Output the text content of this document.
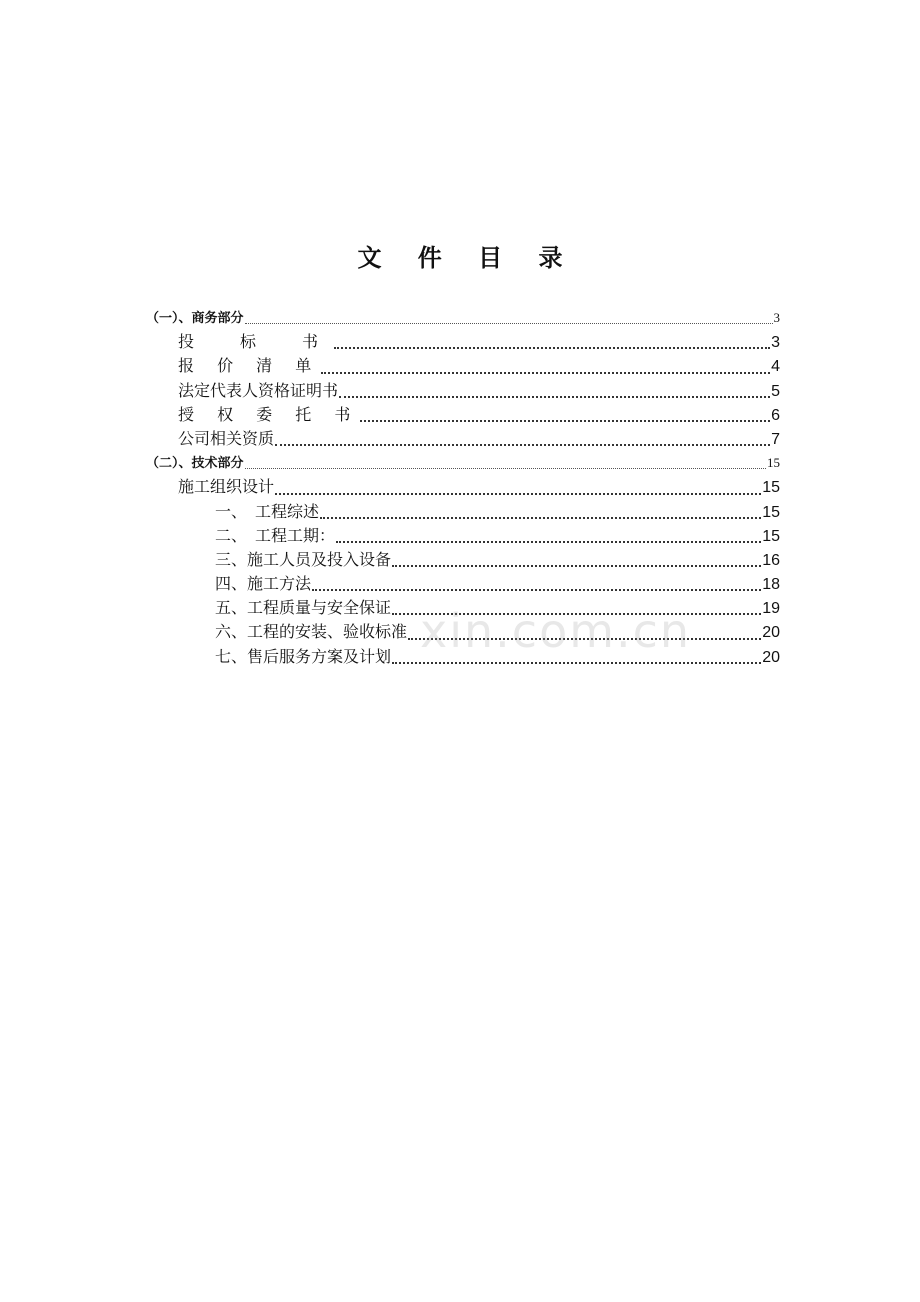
文 件 目 录
（一）、商务部分	3
投　标　书	3
报 价 清 单	4
法定代表人资格证明书	5
授 权 委 托 书	6
公司相关资质	7
（二）、技术部分	15
施工组织设计	15
一、　工程综述	15
二、　工程工期：	15
三、施工人员及投入设备	16
四、施工方法	18
五、工程质量与安全保证	19
六、工程的安装、验收标准	20
七、售后服务方案及计划	20
xin.com.cn
